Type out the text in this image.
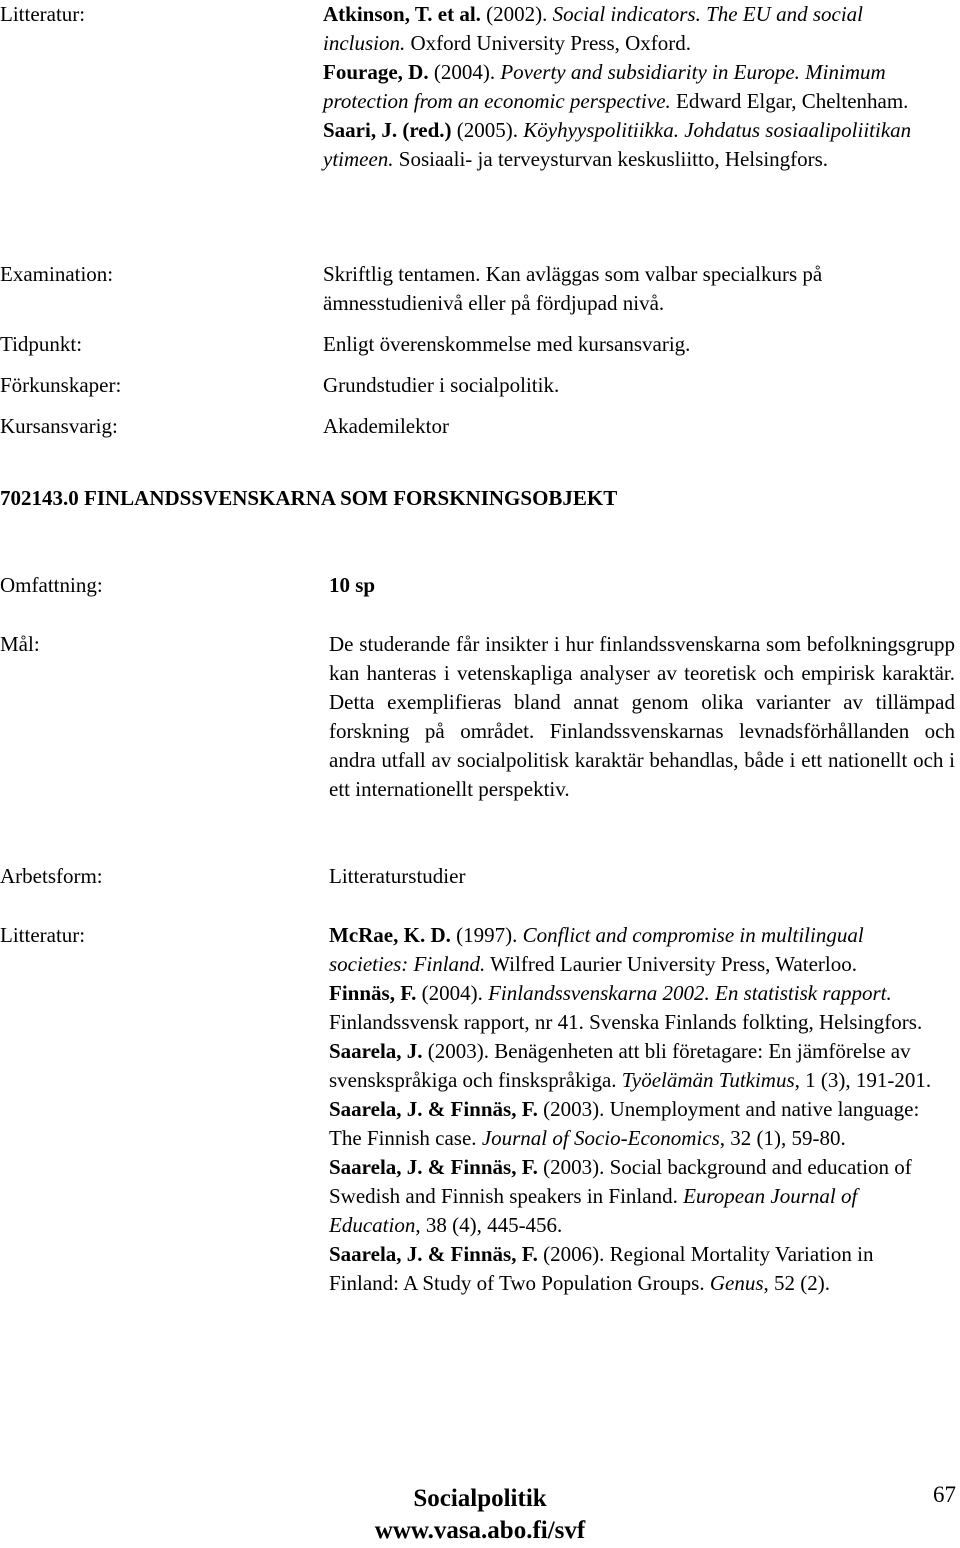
Litteratur:	Atkinson, T. et al. (2002). Social indicators. The EU and social inclusion. Oxford University Press, Oxford.

Fourage, D. (2004). Poverty and subsidiarity in Europe. Minimum protection from an economic perspective. Edward Elgar, Cheltenham.

Saari, J. (red.) (2005). Köyhyyspolitiikka. Johdatus sosiaalipoliitikan ytimeen. Sosiaali- ja terveysturvan keskusliitto, Helsingfors.

Examination:	Skriftlig tentamen. Kan avläggas som valbar specialkurs på ämnesstudienivå eller på fördjupad nivå.
Tidpunkt:	Enligt överenskommelse med kursansvarig.
Förkunskaper:	Grundstudier i socialpolitik.
Kursansvarig:	Akademilektor
702143.0 FINLANDSSVENSKARNA SOM FORSKNINGSOBJEKT
Omfattning:	10 sp
Mål:	De studerande får insikter i hur finlandssvenskarna som befolkningsgrupp kan hanteras i vetenskapliga analyser av teoretisk och empirisk karaktär. Detta exemplifieras bland annat genom olika varianter av tillämpad forskning på området. Finlandssvenskarnas levnadsförhållanden och andra utfall av socialpolitisk karaktär behandlas, både i ett nationellt och i ett internationellt perspektiv.
Arbetsform:	Litteraturstudier
Litteratur:	McRae, K. D. (1997). Conflict and compromise in multilingual societies: Finland. Wilfred Laurier University Press, Waterloo.

Finnäs, F. (2004). Finlandssvenskarna 2002. En statistisk rapport. Finlandssvensk rapport, nr 41. Svenska Finlands folkting, Helsingfors.

Saarela, J. (2003). Benägenheten att bli företagare: En jämförelse av svenskspråkiga och finskspråkiga. Työelämän Tutkimus, 1 (3), 191-201.

Saarela, J. & Finnäs, F. (2003). Unemployment and native language: The Finnish case. Journal of Socio-Economics, 32 (1), 59-80.

Saarela, J. & Finnäs, F. (2003). Social background and education of Swedish and Finnish speakers in Finland. European Journal of Education, 38 (4), 445-456.

Saarela, J. & Finnäs, F. (2006). Regional Mortality Variation in Finland: A Study of Two Population Groups. Genus, 52 (2).

Socialpolitik
www.vasa.abo.fi/svf
67
